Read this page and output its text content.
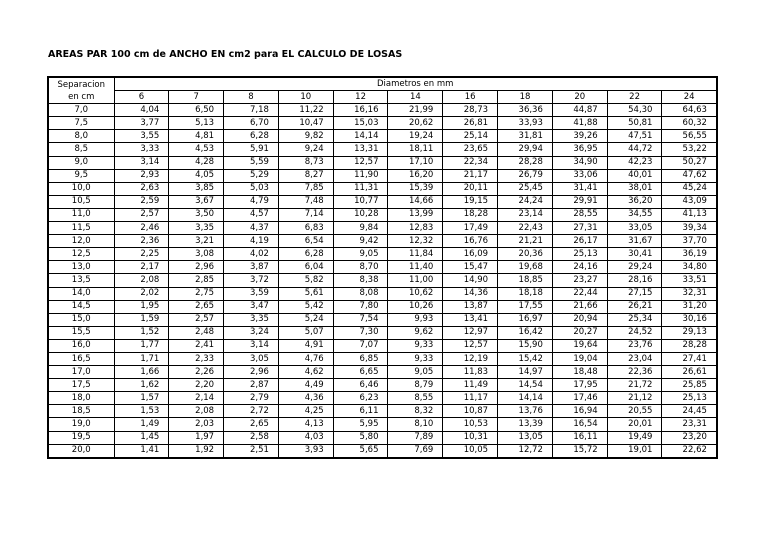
AREAS PAR 100 cm de ANCHO EN cm2 para EL CALCULO DE LOSAS
Separacion
en cm	Diametros en mm										
	6	7	8	10	12	14	16	18	20	22	24
7,0	4,04	6,50	7,18	11,22	16,16	21,99	28,73	36,36	44,87	54,30	64,63
7,5	3,77	5,13	6,70	10,47	15,03	20,62	26,81	33,93	41,88	50,81	60,32
8,0	3,55	4,81	6,28	9,82	14,14	19,24	25,14	31,81	39,26	47,51	56,55
8,5	3,33	4,53	5,91	9,24	13,31	18,11	23,65	29,94	36,95	44,72	53,22
9,0	3,14	4,28	5,59	8,73	12,57	17,10	22,34	28,28	34,90	42,23	50,27
9,5	2,93	4,05	5,29	8,27	11,90	16,20	21,17	26,79	33,06	40,01	47,62
10,0	2,63	3,85	5,03	7,85	11,31	15,39	20,11	25,45	31,41	38,01	45,24
10,5	2,59	3,67	4,79	7,48	10,77	14,66	19,15	24,24	29,91	36,20	43,09
11,0	2,57	3,50	4,57	7,14	10,28	13,99	18,28	23,14	28,55	34,55	41,13
11,5	2,46	3,35	4,37	6,83	9,84	12,83	17,49	22,43	27,31	33,05	39,34
12,0	2,36	3,21	4,19	6,54	9,42	12,32	16,76	21,21	26,17	31,67	37,70
12,5	2,25	3,08	4,02	6,28	9,05	11,84	16,09	20,36	25,13	30,41	36,19
13,0	2,17	2,96	3,87	6,04	8,70	11,40	15,47	19,68	24,16	29,24	34,80
13,5	2,08	2,85	3,72	5,82	8,38	11,00	14,90	18,85	23,27	28,16	33,51
14,0	2,02	2,75	3,59	5,61	8,08	10,62	14,36	18,18	22,44	27,15	32,31
14,5	1,95	2,65	3,47	5,42	7,80	10,26	13,87	17,55	21,66	26,21	31,20
15,0	1,59	2,57	3,35	5,24	7,54	9,93	13,41	16,97	20,94	25,34	30,16
15,5	1,52	2,48	3,24	5,07	7,30	9,62	12,97	16,42	20,27	24,52	29,13
16,0	1,77	2,41	3,14	4,91	7,07	9,33	12,57	15,90	19,64	23,76	28,28
16,5	1,71	2,33	3,05	4,76	6,85	9,33	12,19	15,42	19,04	23,04	27,41
17,0	1,66	2,26	2,96	4,62	6,65	9,05	11,83	14,97	18,48	22,36	26,61
17,5	1,62	2,20	2,87	4,49	6,46	8,79	11,49	14,54	17,95	21,72	25,85
18,0	1,57	2,14	2,79	4,36	6,23	8,55	11,17	14,14	17,46	21,12	25,13
18,5	1,53	2,08	2,72	4,25	6,11	8,32	10,87	13,76	16,94	20,55	24,45
19,0	1,49	2,03	2,65	4,13	5,95	8,10	10,53	13,39	16,54	20,01	23,31
19,5	1,45	1,97	2,58	4,03	5,80	7,89	10,31	13,05	16,11	19,49	23,20
20,0	1,41	1,92	2,51	3,93	5,65	7,69	10,05	12,72	15,72	19,01	22,62
